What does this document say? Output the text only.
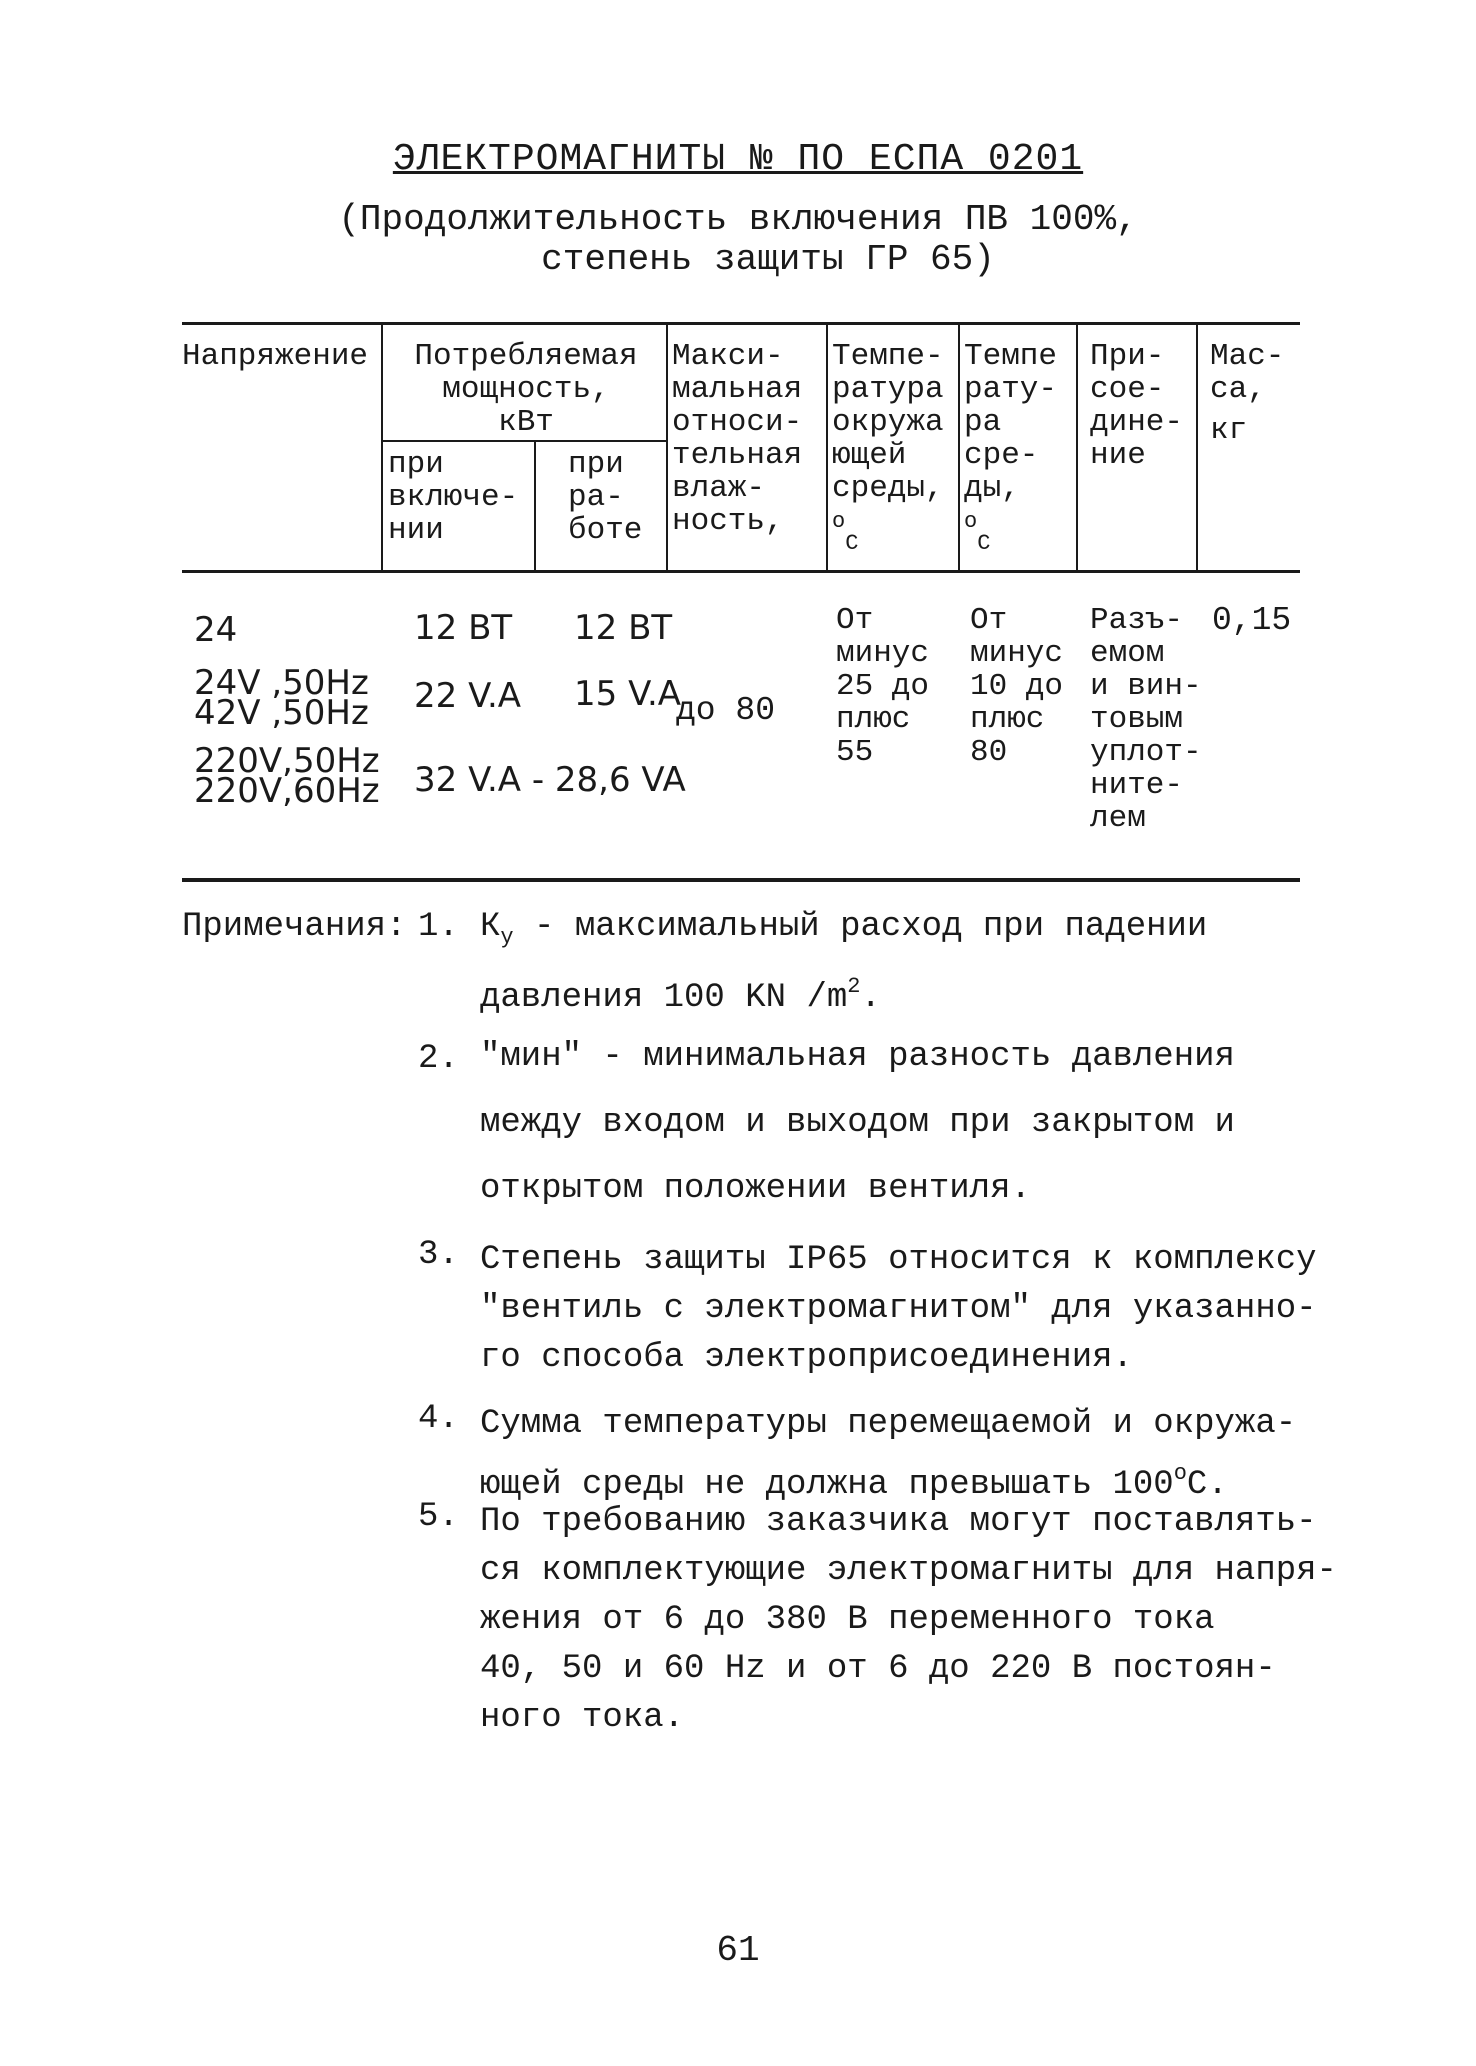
ЭЛЕКТРОМАГНИТЫ № ПО ЕСПА 0201
(Продолжительность включения ПВ 100%,
степень защиты ГР 65)
Напряжение	Потребляемая
мощность,
кВт
при
включе-
нии
при
ра-
боте
Макси-
мальная
относи-
тельная
влаж-
ность,
Темпе-
ратура
окружа
ющей
среды,
$^о_С$
Темпе
рату-
ра
сре-
ды,
$^о_С$
При-
сое-
дине-
ние
Мас-
са,
кг
24
24V ,50Hz
42V ,50Hz
220V,50Hz
220V,60Hz
12 ВТ 12 ВТ
22 V.A 15 V.A
32 V.A - 28,6 VA
до 80
От
минус
25 до
плюс
55
От
минус
10 до
плюс
80
Разъ-
емом
и вин-
товым
уплот-
ните-
лем
0,15
Примечания: 1. $К_у$ - максимальный расход при падении
давления 100 KN $/m^2$.
2. "мин" - минимальная разность давления
между входом и выходом при закрытом и
открытом положении вентиля.
3. Степень защиты IP65 относится к комплексу
"вентиль с электромагнитом" для указанно-
го способа электроприсоединения.
4. Сумма температуры перемещаемой и окружа-
ющей среды не должна превышать $100^оС$.
5. По требованию заказчика могут поставлять-
ся комплектующие электромагниты для напря-
жения от 6 до 380 В переменного тока
40, 50 и 60 Hz и от 6 до 220 В постоян-
ного тока.
61
